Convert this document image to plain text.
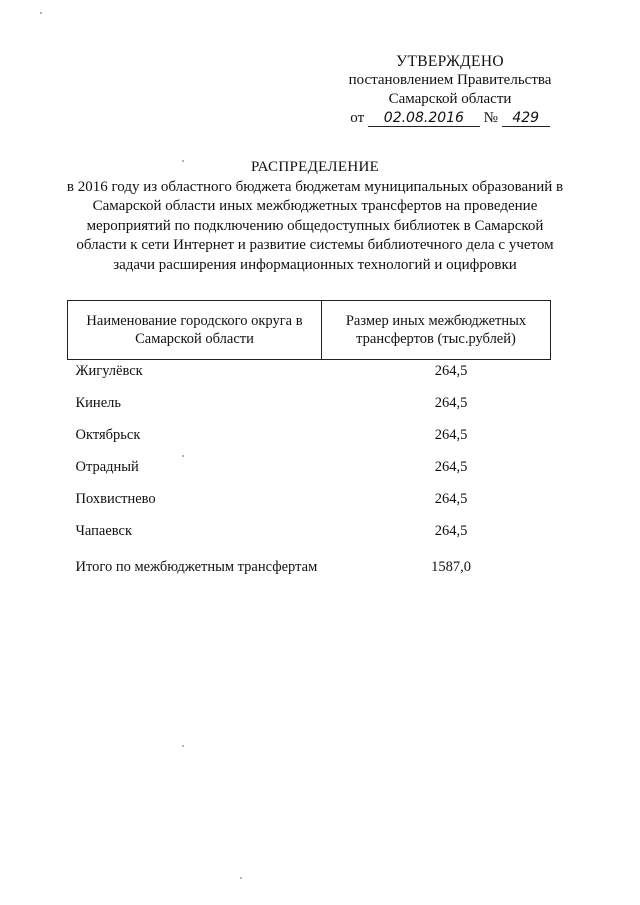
УТВЕРЖДЕНО
постановлением Правительства
Самарской области
от 02.08.2016 № 429
РАСПРЕДЕЛЕНИЕ
в 2016 году из областного бюджета бюджетам муниципальных образований в Самарской области иных межбюджетных трансфертов на проведение мероприятий по подключению общедоступных библиотек в Самарской области к сети Интернет и развитие системы библиотечного дела с учетом задачи расширения информационных технологий и оцифровки
Наименование городского округа в Самарской области	Размер иных межбюджетных трансфертов (тыс.рублей)
Жигулёвск	264,5
Кинель	264,5
Октябрьск	264,5
Отрадный	264,5
Похвистнево	264,5
Чапаевск	264,5
Итого по межбюджетным трансфертам	1587,0
